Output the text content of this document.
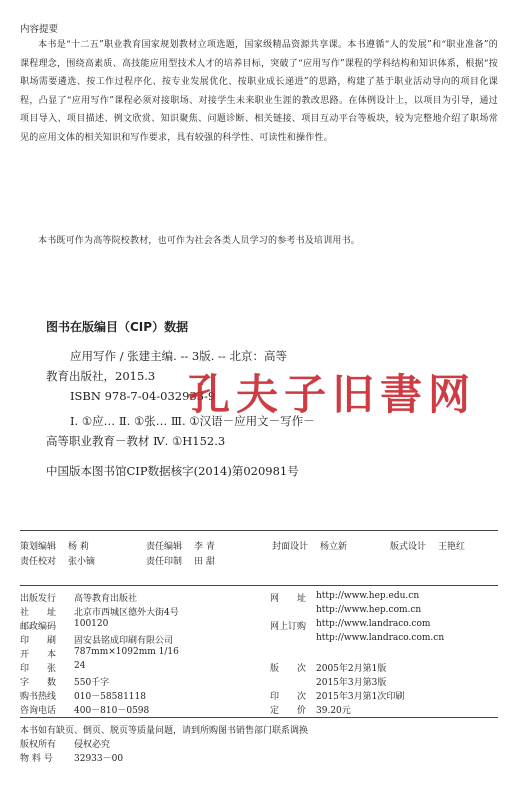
内容提要
本书是“十二五”职业教育国家规划教材立项选题，国家级精品资源共享课。本书遵循“人的发展”和“职业准备”的课程理念，围绕高素质、高技能应用型技术人才的培养目标，突破了“应用写作”课程的学科结构和知识体系，根据“按职场需要遴选、按工作过程序化、按专业发展优化、按职业成长递进”的思路，构建了基于职业活动导向的项目化课程，凸显了“应用写作”课程必须对接职场、对接学生未来职业生涯的教改思路。在体例设计上，以项目为引导，通过项目导入、项目描述、例文欣赏、知识聚焦、问题诊断、相关链接、项目互动平台等板块，较为完整地介绍了职场常见的应用文体的相关知识和写作要求，具有较强的科学性、可读性和操作性。
本书既可作为高等院校教材，也可作为社会各类人员学习的参考书及培训用书。
图书在版编目（CIP）数据
应用写作 / 张建主编. -- 3版. -- 北京：高等
教育出版社，2015.3
ISBN 978-7-04-032933-9
Ⅰ. ①应… Ⅱ. ①张… Ⅲ. ①汉语－应用文－写作－
高等职业教育－教材 Ⅳ. ①H152.3
中国版本图书馆CIP数据核字(2014)第020981号
孔夫子旧書网
策划编辑 杨 莉	责任编辑 李 青	封面设计 杨立新	版式设计 王艳红
责任校对 张小镝	责任印制 田 甜
出版发行 高等教育出版社
社　　址 北京市西城区德外大街4号
邮政编码 100120
印　　刷 固安县铭成印刷有限公司
开　　本 787mm×1092mm 1/16
印　　张 24
字　　数 550千字
购书热线 010－58581118
咨询电话 400－810－0598
网　　址 http://www.hep.edu.cn
http://www.hep.com.cn
网上订购 http://www.landraco.com
http://www.landraco.com.cn
版　　次 2005年2月第1版
2015年3月第3版
印　　次 2015年3月第1次印刷
定　　价 39.20元
本书如有缺页、倒页、脱页等质量问题，请到所购图书销售部门联系调换
版权所有 侵权必究
物 料 号 32933－00
